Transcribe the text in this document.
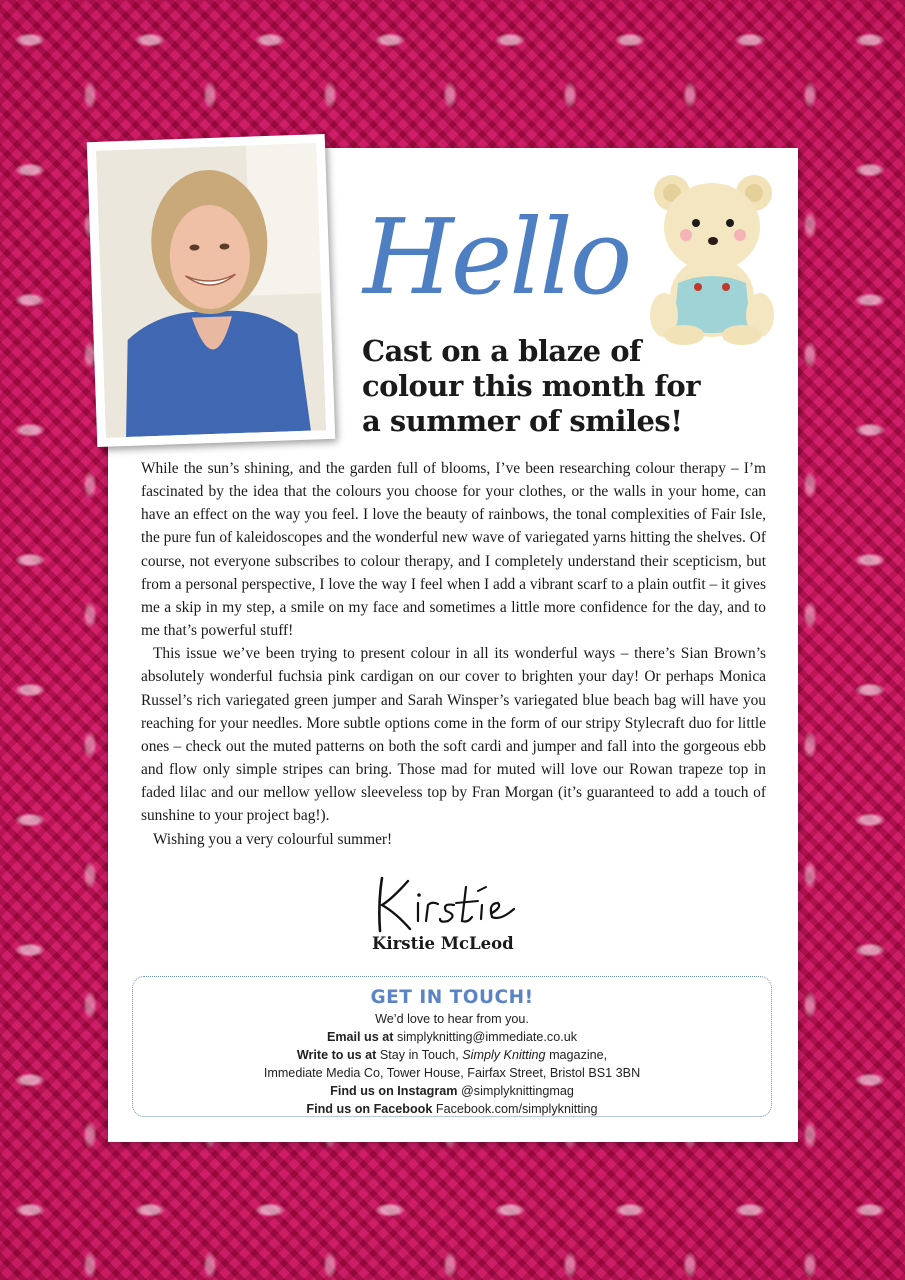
Hello
Cast on a blaze of
colour this month for
a summer of smiles!

While the sun’s shining, and the garden full of blooms, I’ve been researching colour therapy – I’m fascinated by the idea that the colours you choose for your clothes, or the walls in your home, can have an effect on the way you feel. I love the beauty of rainbows, the tonal complexities of Fair Isle, the pure fun of kaleidoscopes and the wonderful new wave of variegated yarns hitting the shelves. Of course, not everyone subscribes to colour therapy, and I completely understand their scepticism, but from a personal perspective, I love the way I feel when I add a vibrant scarf to a plain outfit – it gives me a skip in my step, a smile on my face and sometimes a little more confidence for the day, and to me that’s powerful stuff!

This issue we’ve been trying to present colour in all its wonderful ways – there’s Sian Brown’s absolutely wonderful fuchsia pink cardigan on our cover to brighten your day! Or perhaps Monica Russel’s rich variegated green jumper and Sarah Winsper’s variegated blue beach bag will have you reaching for your needles. More subtle options come in the form of our stripy Stylecraft duo for little ones – check out the muted patterns on both the soft cardi and jumper and fall into the gorgeous ebb and flow only simple stripes can bring. Those mad for muted will love our Rowan trapeze top in faded lilac and our mellow yellow sleeveless top by Fran Morgan (it’s guaranteed to add a touch of sunshine to your project bag!).

Wishing you a very colourful summer!

Kirstie McLeod
GET IN TOUCH!
We’d love to hear from you.
Email us at simplyknitting@immediate.co.uk
Write to us at Stay in Touch, Simply Knitting magazine,
Immediate Media Co, Tower House, Fairfax Street, Bristol BS1 3BN
Find us on Instagram @simplyknittingmag
Find us on Facebook Facebook.com/simplyknitting
